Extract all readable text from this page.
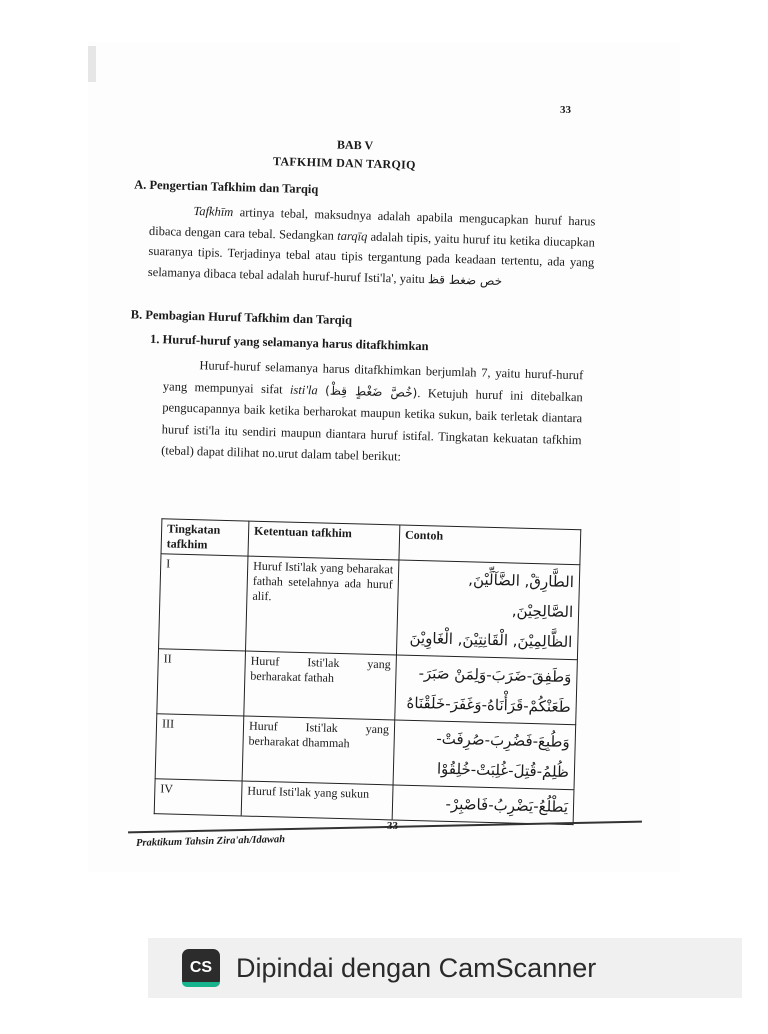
33
BAB V
TAFKHIM DAN TARQIQ
A. Pengertian Tafkhim dan Tarqiq
Tafkhīm artinya tebal, maksudnya adalah apabila mengucapkan huruf harus dibaca dengan cara tebal. Sedangkan tarqīq adalah tipis, yaitu huruf itu ketika diucapkan suaranya tipis. Terjadinya tebal atau tipis tergantung pada keadaan tertentu, ada yang selamanya dibaca tebal adalah huruf-huruf Isti'la', yaitu خص ضغط قظ
B. Pembagian Huruf Tafkhim dan Tarqiq
1. Huruf-huruf yang selamanya harus ditafkhimkan
Huruf-huruf selamanya harus ditafkhimkan berjumlah 7, yaitu huruf-huruf yang mempunyai sifat isti'la (خُصَّ ضَغْطٍ قِظْ). Ketujuh huruf ini ditebalkan pengucapannya baik ketika berharokat maupun ketika sukun, baik terletak diantara huruf isti'la itu sendiri maupun diantara huruf istifal. Tingkatan kekuatan tafkhim (tebal) dapat dilihat no.urut dalam tabel berikut:
Tingkatan tafkhim	Ketentuan tafkhim	Contoh
I	Huruf Isti'lak yang beharakat fathah setelahnya ada huruf alif.	الطَّارِقْ, الضَّآلِّيْنَ, الصَّالِحِيْنَ,
الظَّالِمِيْنَ, الْقَانِتِيْنَ, الْغَاوِيْنَ

II	Huruf Isti'lak yang berharakat fathah	وَطَفِقَ-ضَرَبَ-وَلِمَنْ صَبَرَ-
طَعَنْكُمْ-قَرَأْنَاهُ-وَغَفَرَ-خَلَقْنَاهُ

III	Huruf Isti'lak yang berharakat dhammah	وَطُبِعَ-فَضُرِبَ-صُرِفَتْ-
ظُلِمُ-قُتِلَ-غُلِبَتْ-خُلِقُوْا

IV	Huruf Isti'lak yang sukun	يَطْلُعُ-يَضْرِبُ-فَاصْبِرْ-
33
Praktikum Tahsin Zira'ah/Idawah
CS Dipindai dengan CamScanner
